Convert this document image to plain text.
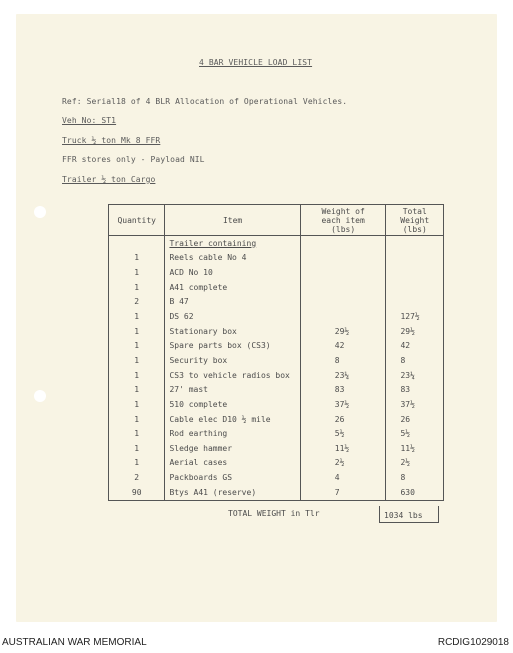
4 BAR VEHICLE LOAD LIST
Ref: Serial18 of 4 BLR Allocation of Operational Vehicles.
Veh No: ST1
Truck ½ ton Mk 8 FFR
FFR stores only - Payload NIL
Trailer ½ ton Cargo
Quantity	Item	Weight of
each item
(lbs)	Total
Weight
(lbs)
	Trailer containing		
1	Reels cable No 4		
1	ACD No 10		
1	A41 complete		
2	B 47		
1	DS 62		127½
1	Stationary box	29½	29½
1	Spare parts box (CS3)	42	42
1	Security box	8	8
1	CS3 to vehicle radios box	23¼	23¼
1	27' mast	83	83
1	510 complete	37½	37½
1	Cable elec D10 ½ mile	26	26
1	Rod earthing	5½	5½
1	Sledge hammer	11½	11½
1	Aerial cases	2½	2½
2	Packboards GS	4	8
90	Btys A41 (reserve)	7	630
TOTAL WEIGHT in Tlr	1034 lbs
AUSTRALIAN WAR MEMORIAL	RCDIG1029018
